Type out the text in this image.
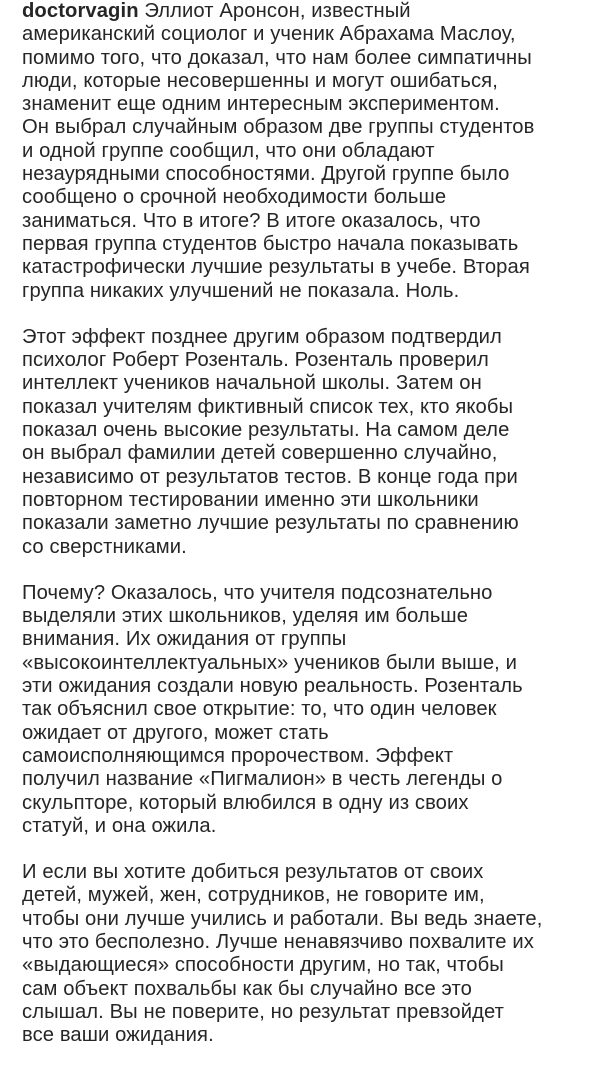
doctorvagin Эллиот Аронсон, известный
американский социолог и ученик Абрахама Маслоу,
помимо того, что доказал, что нам более симпатичны
люди, которые несовершенны и могут ошибаться,
знаменит еще одним интересным экспериментом.
Он выбрал случайным образом две группы студентов
и одной группе сообщил, что они обладают
незаурядными способностями. Другой группе было
сообщено о срочной необходимости больше
заниматься. Что в итоге? В итоге оказалось, что
первая группа студентов быстро начала показывать
катастрофически лучшие результаты в учебе. Вторая
группа никаких улучшений не показала. Ноль.

Этот эффект позднее другим образом подтвердил
психолог Роберт Розенталь. Розенталь проверил
интеллект учеников начальной школы. Затем он
показал учителям фиктивный список тех, кто якобы
показал очень высокие результаты. На самом деле
он выбрал фамилии детей совершенно случайно,
независимо от результатов тестов. В конце года при
повторном тестировании именно эти школьники
показали заметно лучшие результаты по сравнению
со сверстниками.

Почему? Оказалось, что учителя подсознательно
выделяли этих школьников, уделяя им больше
внимания. Их ожидания от группы
«высокоинтеллектуальных» учеников были выше, и
эти ожидания создали новую реальность. Розенталь
так объяснил свое открытие: то, что один человек
ожидает от другого, может стать
самоисполняющимся пророчеством. Эффект
получил название «Пигмалион» в честь легенды о
скульпторе, который влюбился в одну из своих
статуй, и она ожила.

И если вы хотите добиться результатов от своих
детей, мужей, жен, сотрудников, не говорите им,
чтобы они лучше учились и работали. Вы ведь знаете,
что это бесполезно. Лучше ненавязчиво похвалите их
«выдающиеся» способности другим, но так, чтобы
сам объект похвальбы как бы случайно все это
слышал. Вы не поверите, но результат превзойдет
все ваши ожидания.
